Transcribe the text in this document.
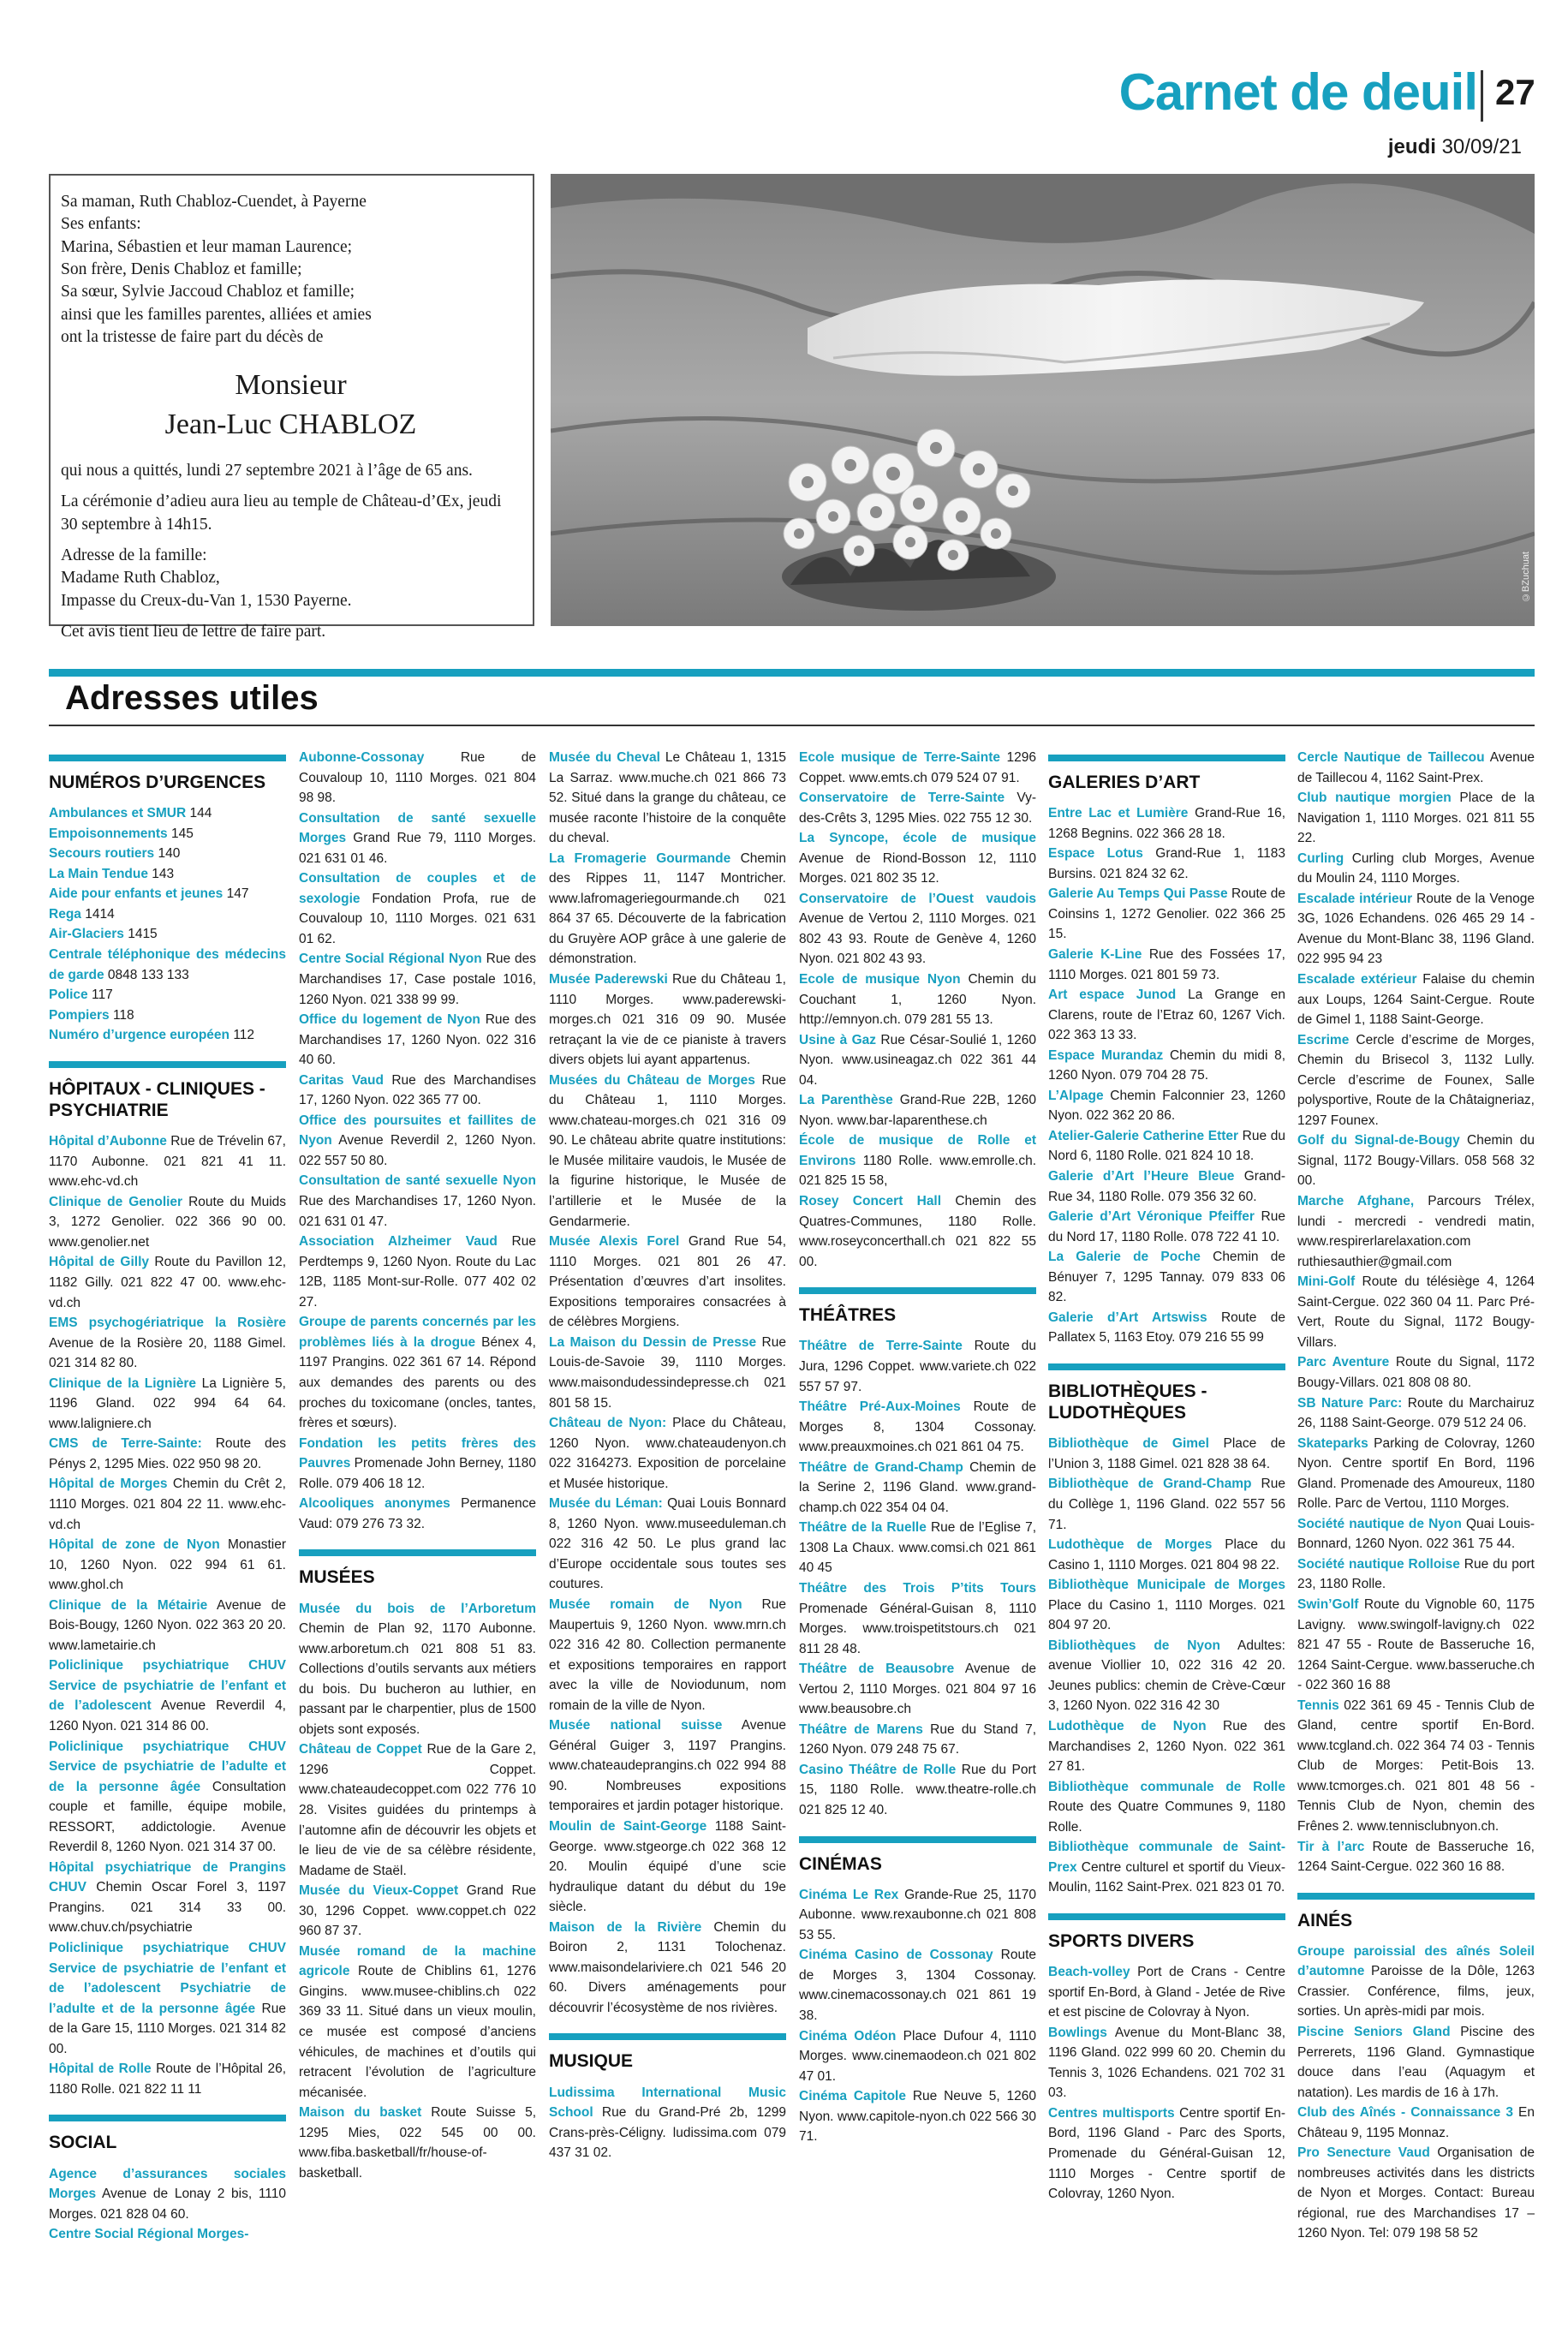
Carnet de deuil 27
jeudi 30/09/21

Sa maman, Ruth Chabloz-Cuendet, à Payerne

Ses enfants:

Marina, Sébastien et leur maman Laurence;

Son frère, Denis Chabloz et famille;

Sa sœur, Sylvie Jaccoud Chabloz et famille;

ainsi que les familles parentes, alliées et amies

ont la tristesse de faire part du décès de

Monsieur
Jean-Luc CHABLOZ

qui nous a quittés, lundi 27 septembre 2021 à l’âge de 65 ans.

La cérémonie d’adieu aura lieu au temple de Château-d’Œx, jeudi 30 septembre à 14h15.

Adresse de la famille:

Madame Ruth Chabloz,

Impasse du Creux-du-Van 1, 1530 Payerne.

Cet avis tient lieu de lettre de faire part.

©BZuchuat
Adresses utiles
NUMÉROS D’URGENCES

Ambulances et SMUR 144

Empoisonnements 145

Secours routiers 140

La Main Tendue 143

Aide pour enfants et jeunes 147

Rega 1414

Air-Glaciers 1415

Centrale téléphonique des médecins de garde 0848 133 133

Police 117

Pompiers 118

Numéro d’urgence européen 112

HÔPITAUX - CLINIQUES - PSYCHIATRIE

Hôpital d’Aubonne Rue de Trévelin 67, 1170 Aubonne. 021 821 41 11. www.ehc-vd.ch

Clinique de Genolier Route du Muids 3, 1272 Genolier. 022 366 90 00. www.genolier.net

Hôpital de Gilly Route du Pavillon 12, 1182 Gilly. 021 822 47 00. www.ehc-vd.ch

EMS psychogériatrique la Rosière Avenue de la Rosière 20, 1188 Gimel. 021 314 82 80.

Clinique de la Lignière La Lignière 5, 1196 Gland. 022 994 64 64. www.laligniere.ch

CMS de Terre-Sainte: Route des Pénys 2, 1295 Mies. 022 950 98 20.

Hôpital de Morges Chemin du Crêt 2, 1110 Morges. 021 804 22 11. www.ehc-vd.ch

Hôpital de zone de Nyon Monastier 10, 1260 Nyon. 022 994 61 61. www.ghol.ch

Clinique de la Métairie Avenue de Bois-Bougy, 1260 Nyon. 022 363 20 20. www.lametairie.ch

Policlinique psychiatrique CHUV Service de psychiatrie de l’enfant et de l’adolescent Avenue Reverdil 4, 1260 Nyon. 021 314 86 00.

Policlinique psychiatrique CHUV Service de psychiatrie de l’adulte et de la personne âgée Consultation couple et famille, équipe mobile, RESSORT, addictologie. Avenue Reverdil 8, 1260 Nyon. 021 314 37 00.

Hôpital psychiatrique de Prangins CHUV Chemin Oscar Forel 3, 1197 Prangins. 021 314 33 00. www.chuv.ch/psychiatrie

Policlinique psychiatrique CHUV Service de psychiatrie de l’enfant et de l’adolescent Psychiatrie de l’adulte et de la personne âgée Rue de la Gare 15, 1110 Morges. 021 314 82 00.

Hôpital de Rolle Route de l’Hôpital 26, 1180 Rolle. 021 822 11 11

SOCIAL

Agence d’assurances sociales Morges Avenue de Lonay 2 bis, 1110 Morges. 021 828 04 60.

Centre Social Régional Morges-

Aubonne-Cossonay Rue de Couvaloup 10, 1110 Morges. 021 804 98 98.

Consultation de santé sexuelle Morges Grand Rue 79, 1110 Morges. 021 631 01 46.

Consultation de couples et de sexologie Fondation Profa, rue de Couvaloup 10, 1110 Morges. 021 631 01 62.

Centre Social Régional Nyon Rue des Marchandises 17, Case postale 1016, 1260 Nyon. 021 338 99 99.

Office du logement de Nyon Rue des Marchandises 17, 1260 Nyon. 022 316 40 60.

Caritas Vaud Rue des Marchandises 17, 1260 Nyon. 022 365 77 00.

Office des poursuites et faillites de Nyon Avenue Reverdil 2, 1260 Nyon. 022 557 50 80.

Consultation de santé sexuelle Nyon Rue des Marchandises 17, 1260 Nyon. 021 631 01 47.

Association Alzheimer Vaud Rue Perdtemps 9, 1260 Nyon. Route du Lac 12B, 1185 Mont-sur-Rolle. 077 402 02 27.

Groupe de parents concernés par les problèmes liés à la drogue Bénex 4, 1197 Prangins. 022 361 67 14. Répond aux demandes des parents ou des proches du toxicomane (oncles, tantes, frères et sœurs).

Fondation les petits frères des Pauvres Promenade John Berney, 1180 Rolle. 079 406 18 12.

Alcooliques anonymes Permanence Vaud: 079 276 73 32.

MUSÉES

Musée du bois de l’Arboretum Chemin de Plan 92, 1170 Aubonne. www.arboretum.ch 021 808 51 83. Collections d’outils servants aux métiers du bois. Du bucheron au luthier, en passant par le charpentier, plus de 1500 objets sont exposés.

Château de Coppet Rue de la Gare 2, 1296 Coppet. www.chateaudecoppet.com 022 776 10 28. Visites guidées du printemps à l’automne afin de découvrir les objets et le lieu de vie de sa célèbre résidente, Madame de Staël.

Musée du Vieux-Coppet Grand Rue 30, 1296 Coppet. www.coppet.ch 022 960 87 37.

Musée romand de la machine agricole Route de Chiblins 61, 1276 Gingins. www.musee-chiblins.ch 022 369 33 11. Situé dans un vieux moulin, ce musée est composé d’anciens véhicules, de machines et d’outils qui retracent l’évolution de l’agriculture mécanisée.

Maison du basket Route Suisse 5, 1295 Mies, 022 545 00 00. www.fiba.basketball/fr/house-of-basketball.

Musée du Cheval Le Château 1, 1315 La Sarraz. www.muche.ch 021 866 73 52. Situé dans la grange du château, ce musée raconte l’histoire de la conquête du cheval.

La Fromagerie Gourmande Chemin des Rippes 11, 1147 Montricher. www.lafromageriegourmande.ch 021 864 37 65. Découverte de la fabrication du Gruyère AOP grâce à une galerie de démonstration.

Musée Paderewski Rue du Château 1, 1110 Morges. www.paderewski-morges.ch 021 316 09 90. Musée retraçant la vie de ce pianiste à travers divers objets lui ayant appartenus.

Musées du Château de Morges Rue du Château 1, 1110 Morges. www.chateau-morges.ch 021 316 09 90. Le château abrite quatre institutions: le Musée militaire vaudois, le Musée de la figurine historique, le Musée de l’artillerie et le Musée de la Gendarmerie.

Musée Alexis Forel Grand Rue 54, 1110 Morges. 021 801 26 47. Présentation d’œuvres d’art insolites. Expositions temporaires consacrées à de célèbres Morgiens.

La Maison du Dessin de Presse Rue Louis-de-Savoie 39, 1110 Morges. www.maisondudessindepresse.ch 021 801 58 15.

Château de Nyon: Place du Château, 1260 Nyon. www.chateaudenyon.ch 022 3164273. Exposition de porcelaine et Musée historique.

Musée du Léman: Quai Louis Bonnard 8, 1260 Nyon. www.museeduleman.ch 022 316 42 50. Le plus grand lac d’Europe occidentale sous toutes ses coutures.

Musée romain de Nyon Rue Maupertuis 9, 1260 Nyon. www.mrn.ch 022 316 42 80. Collection permanente et expositions temporaires en rapport avec la ville de Noviodunum, nom romain de la ville de Nyon.

Musée national suisse Avenue Général Guiger 3, 1197 Prangins. www.chateaudeprangins.ch 022 994 88 90. Nombreuses expositions temporaires et jardin potager historique.

Moulin de Saint-George 1188 Saint-George. www.stgeorge.ch 022 368 12 20. Moulin équipé d’une scie hydraulique datant du début du 19e siècle.

Maison de la Rivière Chemin du Boiron 2, 1131 Tolochenaz. www.maisondelariviere.ch 021 546 20 60. Divers aménagements pour découvrir l’écosystème de nos rivières.

MUSIQUE

Ludissima International Music School Rue du Grand-Pré 2b, 1299 Crans-près-Céligny. ludissima.com 079 437 31 02.

Ecole musique de Terre-Sainte 1296 Coppet. www.emts.ch 079 524 07 91.

Conservatoire de Terre-Sainte Vy-des-Crêts 3, 1295 Mies. 022 755 12 30.

La Syncope, école de musique Avenue de Riond-Bosson 12, 1110 Morges. 021 802 35 12.

Conservatoire de l’Ouest vaudois Avenue de Vertou 2, 1110 Morges. 021 802 43 93. Route de Genève 4, 1260 Nyon. 021 802 43 93.

Ecole de musique Nyon Chemin du Couchant 1, 1260 Nyon. http://emnyon.ch. 079 281 55 13.

Usine à Gaz Rue César-Soulié 1, 1260 Nyon. www.usineagaz.ch 022 361 44 04.

La Parenthèse Grand-Rue 22B, 1260 Nyon. www.bar-laparenthese.ch

École de musique de Rolle et Environs 1180 Rolle. www.emrolle.ch. 021 825 15 58,

Rosey Concert Hall Chemin des Quatres-Communes, 1180 Rolle. www.roseyconcerthall.ch 021 822 55 00.

THÉÂTRES

Théâtre de Terre-Sainte Route du Jura, 1296 Coppet. www.variete.ch 022 557 57 97.

Théâtre Pré-Aux-Moines Route de Morges 8, 1304 Cossonay. www.preauxmoines.ch 021 861 04 75.

Théâtre de Grand-Champ Chemin de la Serine 2, 1196 Gland. www.grand-champ.ch 022 354 04 04.

Théâtre de la Ruelle Rue de l’Eglise 7, 1308 La Chaux. www.comsi.ch 021 861 40 45

Théâtre des Trois P’tits Tours Promenade Général-Guisan 8, 1110 Morges. www.troispetitstours.ch 021 811 28 48.

Théâtre de Beausobre Avenue de Vertou 2, 1110 Morges. 021 804 97 16 www.beausobre.ch

Théâtre de Marens Rue du Stand 7, 1260 Nyon. 079 248 75 67.

Casino Théâtre de Rolle Rue du Port 15, 1180 Rolle. www.theatre-rolle.ch 021 825 12 40.

CINÉMAS

Cinéma Le Rex Grande-Rue 25, 1170 Aubonne. www.rexaubonne.ch 021 808 53 55.

Cinéma Casino de Cossonay Route de Morges 3, 1304 Cossonay. www.cinemacossonay.ch 021 861 19 38.

Cinéma Odéon Place Dufour 4, 1110 Morges. www.cinemaodeon.ch 021 802 47 01.

Cinéma Capitole Rue Neuve 5, 1260 Nyon. www.capitole-nyon.ch 022 566 30 71.

GALERIES D’ART

Entre Lac et Lumière Grand-Rue 16, 1268 Begnins. 022 366 28 18.

Espace Lotus Grand-Rue 1, 1183 Bursins. 021 824 32 62.

Galerie Au Temps Qui Passe Route de Coinsins 1, 1272 Genolier. 022 366 25 15.

Galerie K-Line Rue des Fossées 17, 1110 Morges. 021 801 59 73.

Art espace Junod La Grange en Clarens, route de l’Etraz 60, 1267 Vich. 022 363 13 33.

Espace Murandaz Chemin du midi 8, 1260 Nyon. 079 704 28 75.

L’Alpage Chemin Falconnier 23, 1260 Nyon. 022 362 20 86.

Atelier-Galerie Catherine Etter Rue du Nord 6, 1180 Rolle. 021 824 10 18.

Galerie d’Art l’Heure Bleue Grand-Rue 34, 1180 Rolle. 079 356 32 60.

Galerie d’Art Véronique Pfeiffer Rue du Nord 17, 1180 Rolle. 078 722 41 10.

La Galerie de Poche Chemin de Bénuyer 7, 1295 Tannay. 079 833 06 82.

Galerie d’Art Artswiss Route de Pallatex 5, 1163 Etoy. 079 216 55 99

BIBLIOTHÈQUES - LUDOTHÈQUES

Bibliothèque de Gimel Place de l’Union 3, 1188 Gimel. 021 828 38 64.

Bibliothèque de Grand-Champ Rue du Collège 1, 1196 Gland. 022 557 56 71.

Ludothèque de Morges Place du Casino 1, 1110 Morges. 021 804 98 22.

Bibliothèque Municipale de Morges Place du Casino 1, 1110 Morges. 021 804 97 20.

Bibliothèques de Nyon Adultes: avenue Viollier 10, 022 316 42 20. Jeunes publics: chemin de Crève-Cœur 3, 1260 Nyon. 022 316 42 30

Ludothèque de Nyon Rue des Marchandises 2, 1260 Nyon. 022 361 27 81.

Bibliothèque communale de Rolle Route des Quatre Communes 9, 1180 Rolle.

Bibliothèque communale de Saint-Prex Centre culturel et sportif du Vieux-Moulin, 1162 Saint-Prex. 021 823 01 70.

SPORTS DIVERS

Beach-volley Port de Crans - Centre sportif En-Bord, à Gland - Jetée de Rive et est piscine de Colovray à Nyon.

Bowlings Avenue du Mont-Blanc 38, 1196 Gland. 022 999 60 20. Chemin du Tennis 3, 1026 Echandens. 021 702 31 03.

Centres multisports Centre sportif En-Bord, 1196 Gland - Parc des Sports, Promenade du Général-Guisan 12, 1110 Morges - Centre sportif de Colovray, 1260 Nyon.

Cercle Nautique de Taillecou Avenue de Taillecou 4, 1162 Saint-Prex.

Club nautique morgien Place de la Navigation 1, 1110 Morges. 021 811 55 22.

Curling Curling club Morges, Avenue du Moulin 24, 1110 Morges.

Escalade intérieur Route de la Venoge 3G, 1026 Echandens. 026 465 29 14 - Avenue du Mont-Blanc 38, 1196 Gland. 022 995 94 23

Escalade extérieur Falaise du chemin aux Loups, 1264 Saint-Cergue. Route de Gimel 1, 1188 Saint-George.

Escrime Cercle d’escrime de Morges, Chemin du Brisecol 3, 1132 Lully. Cercle d’escrime de Founex, Salle polysportive, Route de la Châtaigneriaz, 1297 Founex.

Golf du Signal-de-Bougy Chemin du Signal, 1172 Bougy-Villars. 058 568 32 00.

Marche Afghane, Parcours Trélex, lundi - mercredi - vendredi matin, www.respirerlarelaxation.com ruthiesauthier@gmail.com

Mini-Golf Route du télésiège 4, 1264 Saint-Cergue. 022 360 04 11. Parc Pré-Vert, Route du Signal, 1172 Bougy-Villars.

Parc Aventure Route du Signal, 1172 Bougy-Villars. 021 808 08 80.

SB Nature Parc: Route du Marchairuz 26, 1188 Saint-George. 079 512 24 06.

Skateparks Parking de Colovray, 1260 Nyon. Centre sportif En Bord, 1196 Gland. Promenade des Amoureux, 1180 Rolle. Parc de Vertou, 1110 Morges.

Société nautique de Nyon Quai Louis-Bonnard, 1260 Nyon. 022 361 75 44.

Société nautique Rolloise Rue du port 23, 1180 Rolle.

Swin’Golf Route du Vignoble 60, 1175 Lavigny. www.swingolf-lavigny.ch 022 821 47 55 - Route de Basseruche 16, 1264 Saint-Cergue. www.basseruche.ch - 022 360 16 88

Tennis 022 361 69 45 - Tennis Club de Gland, centre sportif En-Bord. www.tcgland.ch. 022 364 74 03 - Tennis Club de Morges: Petit-Bois 13. www.tcmorges.ch. 021 801 48 56 - Tennis Club de Nyon, chemin des Frênes 2. www.tennisclubnyon.ch.

Tir à l’arc Route de Basseruche 16, 1264 Saint-Cergue. 022 360 16 88.

AINÉS

Groupe paroissial des aînés Soleil d’automne Paroisse de la Dôle, 1263 Crassier. Conférence, films, jeux, sorties. Un après-midi par mois.

Piscine Seniors Gland Piscine des Perrerets, 1196 Gland. Gymnastique douce dans l’eau (Aquagym et natation). Les mardis de 16 à 17h.

Club des Aînés - Connaissance 3 En Château 9, 1195 Monnaz.

Pro Senecture Vaud Organisation de nombreuses activités dans les districts de Nyon et Morges. Contact: Bureau régional, rue des Marchandises 17 – 1260 Nyon. Tel: 079 198 58 52
